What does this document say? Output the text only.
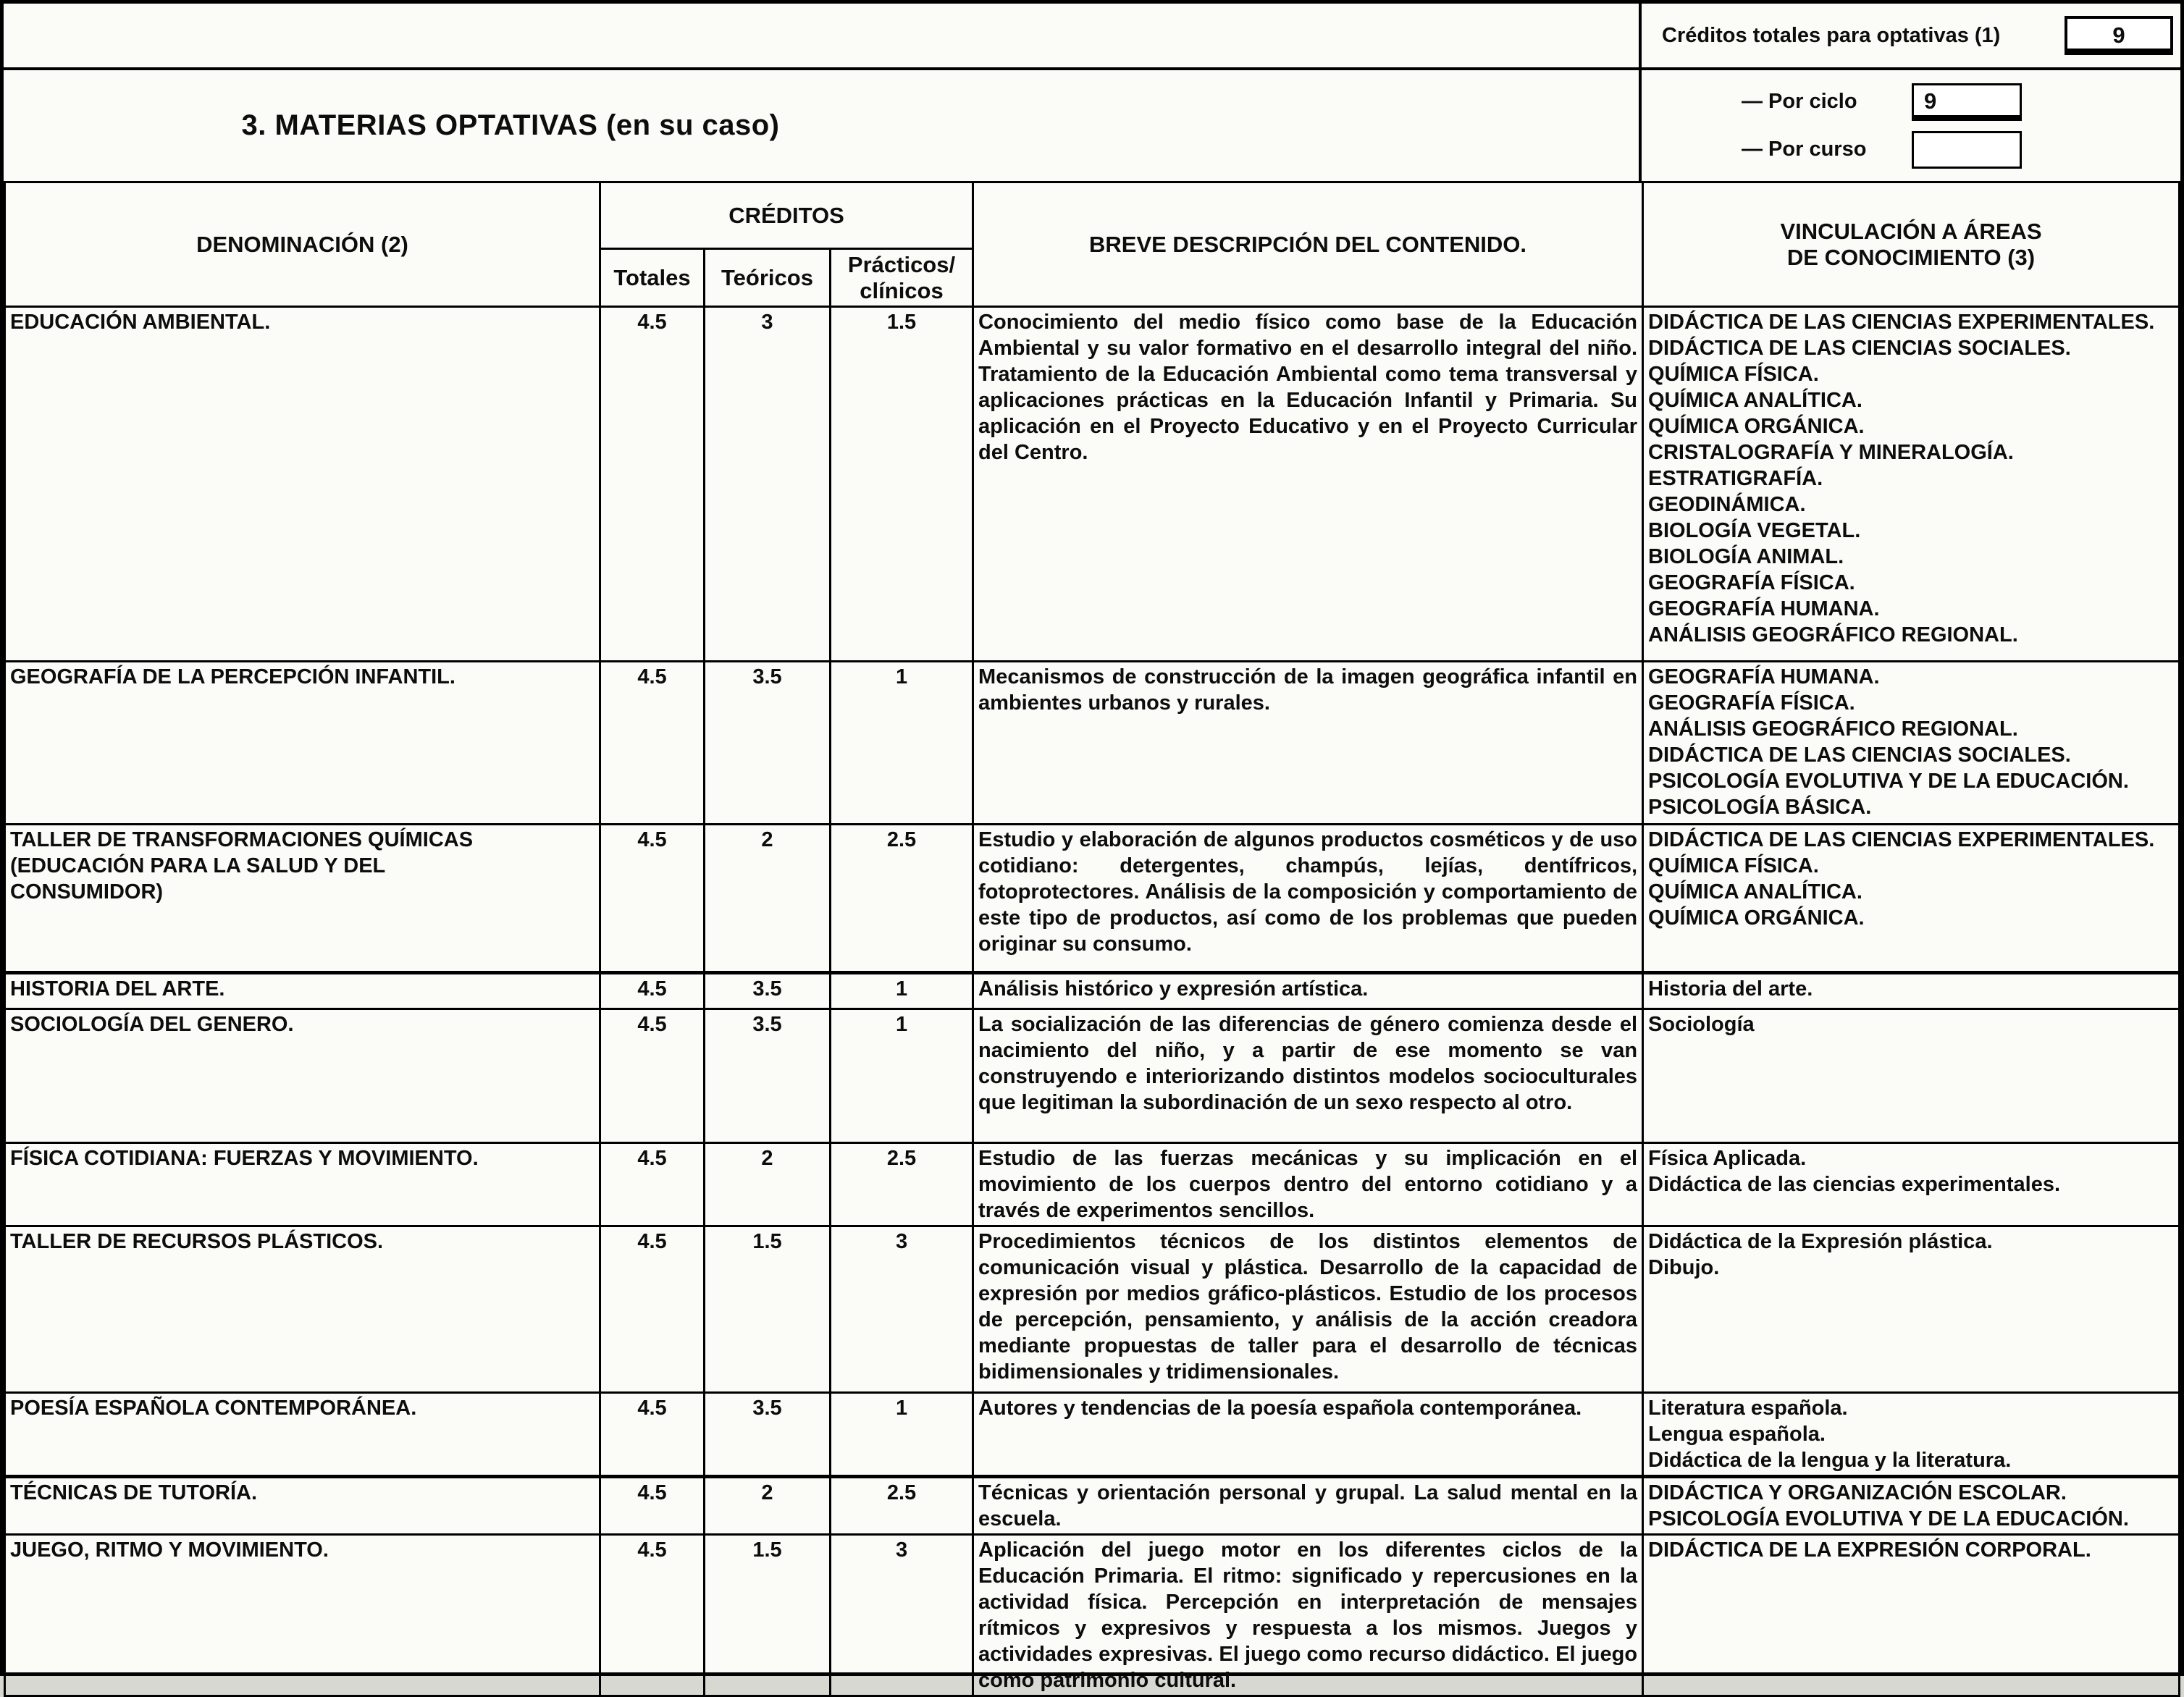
3. MATERIAS OPTATIVAS (en su caso)
Créditos totales para optativas (1)	9
— Por ciclo	9
— Por curso
DENOMINACIÓN (2)	CRÉDITOS			BREVE DESCRIPCIÓN DEL CONTENIDO.	VINCULACIÓN A ÁREAS
DE CONOCIMIENTO (3)
	Totales	Teóricos	Prácticos/
clínicos		
EDUCACIÓN AMBIENTAL.	4.5	3	1.5	Conocimiento del medio físico como base de la Educación Ambiental y su valor formativo en el desarrollo integral del niño. Tratamiento de la Educación Ambiental como tema transversal y aplicaciones prácticas en la Educación Infantil y Primaria. Su aplicación en el Proyecto Educativo y en el Proyecto Curricular del Centro.	DIDÁCTICA DE LAS CIENCIAS EXPERIMENTALES.
DIDÁCTICA DE LAS CIENCIAS SOCIALES.
QUÍMICA FÍSICA.
QUÍMICA ANALÍTICA.
QUÍMICA ORGÁNICA.
CRISTALOGRAFÍA Y MINERALOGÍA.
ESTRATIGRAFÍA.
GEODINÁMICA.
BIOLOGÍA VEGETAL.
BIOLOGÍA ANIMAL.
GEOGRAFÍA FÍSICA.
GEOGRAFÍA HUMANA.
ANÁLISIS GEOGRÁFICO REGIONAL.
GEOGRAFÍA DE LA PERCEPCIÓN INFANTIL.	4.5	3.5	1	Mecanismos de construcción de la imagen geográfica infantil en ambientes urbanos y rurales.	GEOGRAFÍA HUMANA.
GEOGRAFÍA FÍSICA.
ANÁLISIS GEOGRÁFICO REGIONAL.
DIDÁCTICA DE LAS CIENCIAS SOCIALES.
PSICOLOGÍA EVOLUTIVA Y DE LA EDUCACIÓN.
PSICOLOGÍA BÁSICA.
TALLER DE TRANSFORMACIONES QUÍMICAS
(EDUCACIÓN PARA LA SALUD Y DEL
CONSUMIDOR)	4.5	2	2.5	Estudio y elaboración de algunos productos cosméticos y de uso cotidiano: detergentes, champús, lejías, dentífricos, fotoprotectores. Análisis de la composición y comportamiento de este tipo de productos, así como de los problemas que pueden originar su consumo.	DIDÁCTICA DE LAS CIENCIAS EXPERIMENTALES.
QUÍMICA FÍSICA.
QUÍMICA ANALÍTICA.
QUÍMICA ORGÁNICA.
HISTORIA DEL ARTE.	4.5	3.5	1	Análisis histórico y expresión artística.	Historia del arte.
SOCIOLOGÍA DEL GENERO.	4.5	3.5	1	La socialización de las diferencias de género comienza desde el nacimiento del niño, y a partir de ese momento se van construyendo e interiorizando distintos modelos socioculturales que legitiman la subordinación de un sexo respecto al otro.	Sociología
FÍSICA COTIDIANA: FUERZAS Y MOVIMIENTO.	4.5	2	2.5	Estudio de las fuerzas mecánicas y su implicación en el movimiento de los cuerpos dentro del entorno cotidiano y a través de experimentos sencillos.	Física Aplicada.
Didáctica de las ciencias experimentales.
TALLER DE RECURSOS PLÁSTICOS.	4.5	1.5	3	Procedimientos técnicos de los distintos elementos de comunicación visual y plástica. Desarrollo de la capacidad de expresión por medios gráfico-plásticos. Estudio de los procesos de percepción, pensamiento, y análisis de la acción creadora mediante propuestas de taller para el desarrollo de técnicas bidimensionales y tridimensionales.	Didáctica de la Expresión plástica.
Dibujo.
POESÍA ESPAÑOLA CONTEMPORÁNEA.	4.5	3.5	1	Autores y tendencias de la poesía española contemporánea.	Literatura española.
Lengua española.
Didáctica de la lengua y la literatura.
TÉCNICAS DE TUTORÍA.	4.5	2	2.5	Técnicas y orientación personal y grupal. La salud mental en la escuela.	DIDÁCTICA Y ORGANIZACIÓN ESCOLAR.
PSICOLOGÍA EVOLUTIVA Y DE LA EDUCACIÓN.
JUEGO, RITMO Y MOVIMIENTO.	4.5	1.5	3	Aplicación del juego motor en los diferentes ciclos de la Educación Primaria. El ritmo: significado y repercusiones en la actividad física. Percepción en interpretación de mensajes rítmicos y expresivos y respuesta a los mismos. Juegos y actividades expresivas. El juego como recurso didáctico. El juego como patrimonio cultural.	DIDÁCTICA DE LA EXPRESIÓN CORPORAL.
